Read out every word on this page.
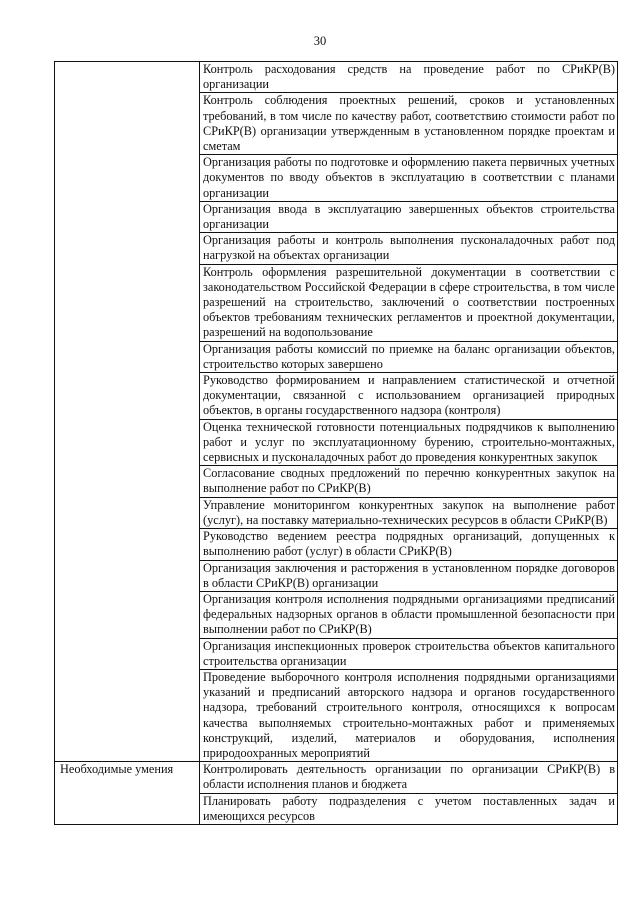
30
	Контроль расходования средств на проведение работ по СРиКР(В) организации
	Контроль соблюдения проектных решений, сроков и установленных требований, в том числе по качеству работ, соответствию стоимости работ по СРиКР(В) организации утвержденным в установленном порядке проектам и сметам
	Организация работы по подготовке и оформлению пакета первичных учетных документов по вводу объектов в эксплуатацию в соответствии с планами организации
	Организация ввода в эксплуатацию завершенных объектов строительства организации
	Организация работы и контроль выполнения пусконаладочных работ под нагрузкой на объектах организации
	Контроль оформления разрешительной документации в соответствии с законодательством Российской Федерации в сфере строительства, в том числе разрешений на строительство, заключений о соответствии построенных объектов требованиям технических регламентов и проектной документации, разрешений на водопользование
	Организация работы комиссий по приемке на баланс организации объектов, строительство которых завершено
	Руководство формированием и направлением статистической и отчетной документации, связанной с использованием организацией природных объектов, в органы государственного надзора (контроля)
	Оценка технической готовности потенциальных подрядчиков к выполнению работ и услуг по эксплуатационному бурению, строительно-монтажных, сервисных и пусконаладочных работ до проведения конкурентных закупок
	Согласование сводных предложений по перечню конкурентных закупок на выполнение работ по СРиКР(В)
	Управление мониторингом конкурентных закупок на выполнение работ (услуг), на поставку материально-технических ресурсов в области СРиКР(В)
	Руководство ведением реестра подрядных организаций, допущенных к выполнению работ (услуг) в области СРиКР(В)
	Организация заключения и расторжения в установленном порядке договоров в области СРиКР(В) организации
	Организация контроля исполнения подрядными организациями предписаний федеральных надзорных органов в области промышленной безопасности при выполнении работ по СРиКР(В)
	Организация инспекционных проверок строительства объектов капитального строительства организации
	Проведение выборочного контроля исполнения подрядными организациями указаний и предписаний авторского надзора и органов государственного надзора, требований строительного контроля, относящихся к вопросам качества выполняемых строительно-монтажных работ и применяемых конструкций, изделий, материалов и оборудования, исполнения природоохранных мероприятий
Необходимые умения	Контролировать деятельность организации по организации СРиКР(В) в области исполнения планов и бюджета
	Планировать работу подразделения с учетом поставленных задач и имеющихся ресурсов
